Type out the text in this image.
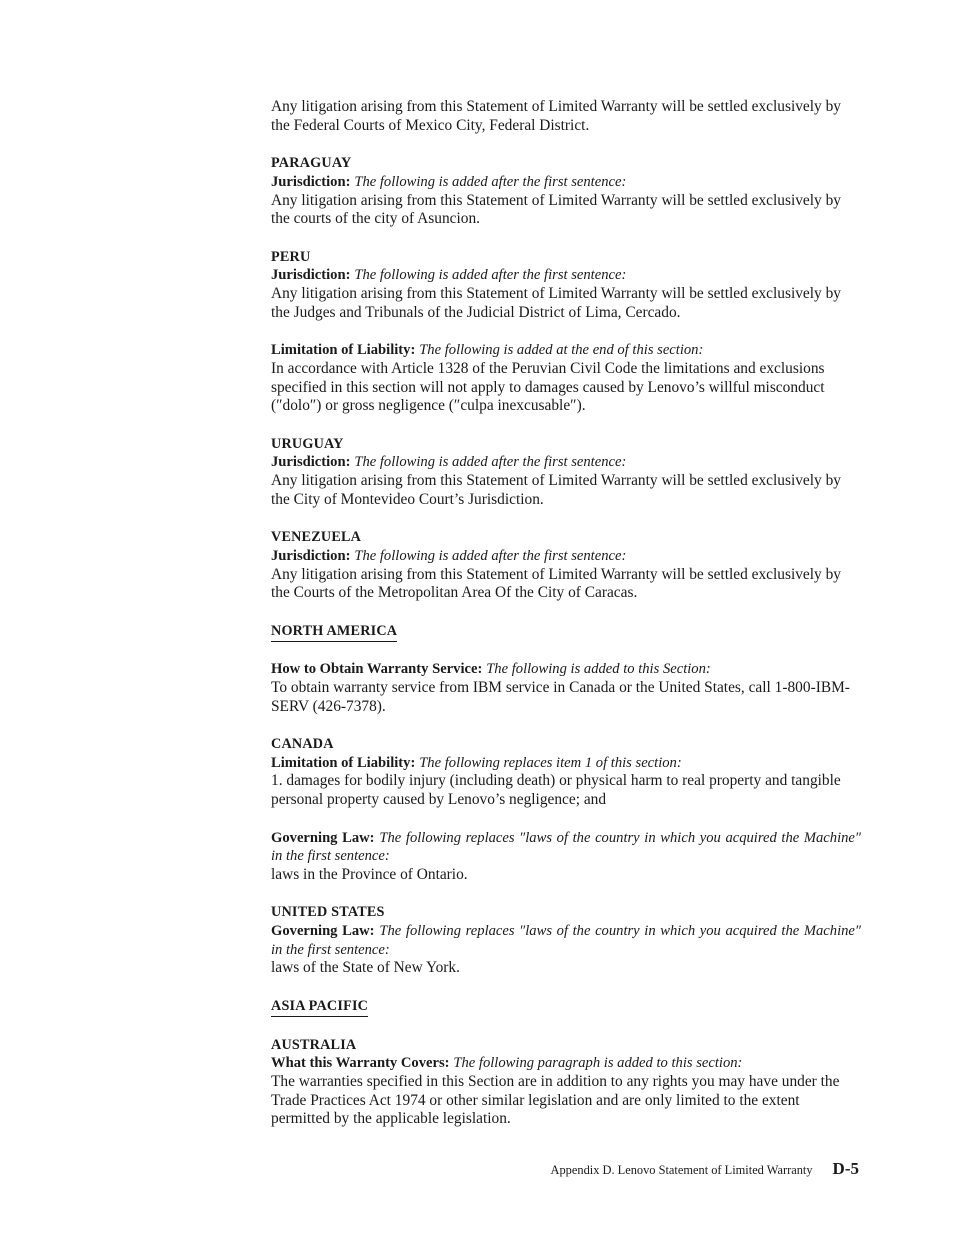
Any litigation arising from this Statement of Limited Warranty will be settled exclusively by the Federal Courts of Mexico City, Federal District.

PARAGUAY

Jurisdiction: The following is added after the first sentence:

Any litigation arising from this Statement of Limited Warranty will be settled exclusively by the courts of the city of Asuncion.

PERU

Jurisdiction: The following is added after the first sentence:

Any litigation arising from this Statement of Limited Warranty will be settled exclusively by the Judges and Tribunals of the Judicial District of Lima, Cercado.

Limitation of Liability: The following is added at the end of this section:

In accordance with Article 1328 of the Peruvian Civil Code the limitations and exclusions specified in this section will not apply to damages caused by Lenovo’s willful misconduct (″dolo″) or gross negligence (″culpa inexcusable″).

URUGUAY

Jurisdiction: The following is added after the first sentence:

Any litigation arising from this Statement of Limited Warranty will be settled exclusively by the City of Montevideo Court’s Jurisdiction.

VENEZUELA

Jurisdiction: The following is added after the first sentence:

Any litigation arising from this Statement of Limited Warranty will be settled exclusively by the Courts of the Metropolitan Area Of the City of Caracas.

NORTH AMERICA

How to Obtain Warranty Service: The following is added to this Section:

To obtain warranty service from IBM service in Canada or the United States, call 1-800-IBM-SERV (426-7378).

CANADA

Limitation of Liability: The following replaces item 1 of this section:

1. damages for bodily injury (including death) or physical harm to real property and tangible personal property caused by Lenovo’s negligence; and

Governing Law: The following replaces ″laws of the country in which you acquired the Machine″ in the first sentence:

laws in the Province of Ontario.

UNITED STATES

Governing Law: The following replaces ″laws of the country in which you acquired the Machine″ in the first sentence:

laws of the State of New York.

ASIA PACIFIC

AUSTRALIA

What this Warranty Covers: The following paragraph is added to this section:

The warranties specified in this Section are in addition to any rights you may have under the Trade Practices Act 1974 or other similar legislation and are only limited to the extent permitted by the applicable legislation.

Appendix D. Lenovo Statement of Limited Warranty D-5
